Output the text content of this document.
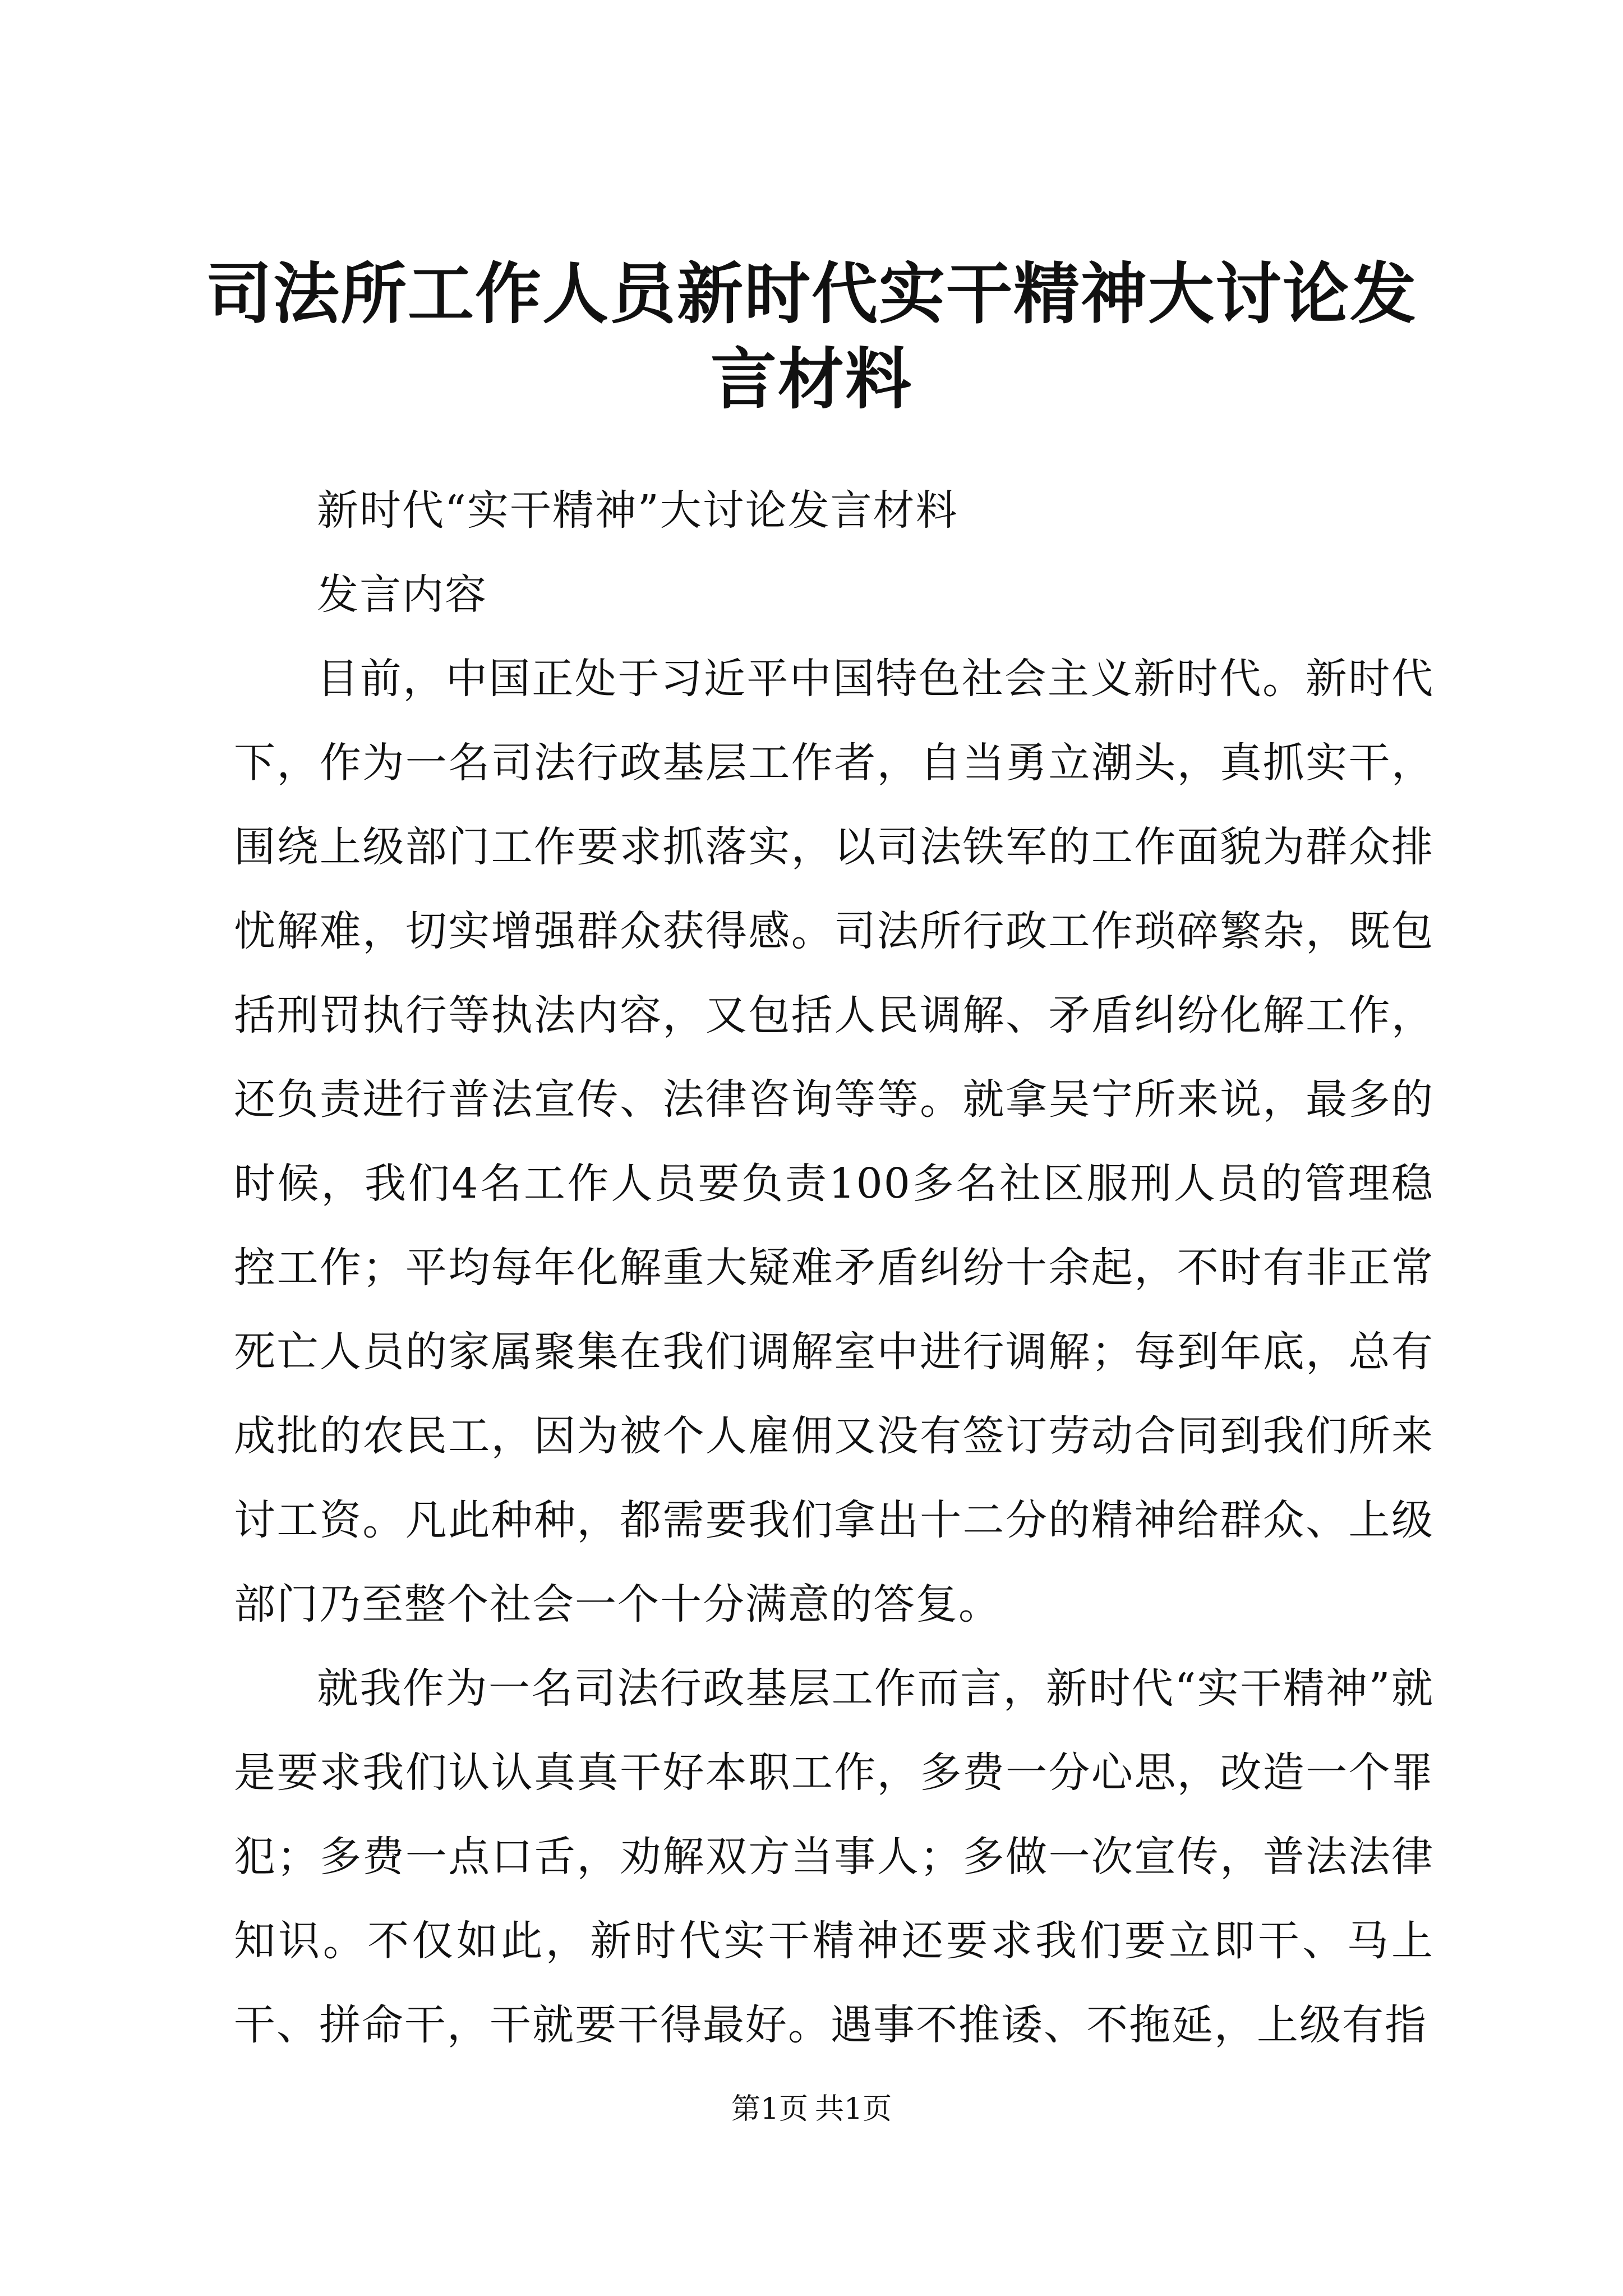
司法所工作人员新时代实干精神大讨论发言材料

新时代“实干精神”大讨论发言材料

发言内容

目前，中国正处于习近平中国特色社会主义新时代。新时代下，作为一名司法行政基层工作者，自当勇立潮头，真抓实干，围绕上级部门工作要求抓落实，以司法铁军的工作面貌为群众排忧解难，切实增强群众获得感。司法所行政工作琐碎繁杂，既包括刑罚执行等执法内容，又包括人民调解、矛盾纠纷化解工作，还负责进行普法宣传、法律咨询等等。就拿吴宁所来说，最多的时候，我们4名工作人员要负责100多名社区服刑人员的管理稳控工作；平均每年化解重大疑难矛盾纠纷十余起，不时有非正常死亡人员的家属聚集在我们调解室中进行调解；每到年底，总有成批的农民工，因为被个人雇佣又没有签订劳动合同到我们所来讨工资。凡此种种，都需要我们拿出十二分的精神给群众、上级部门乃至整个社会一个十分满意的答复。

就我作为一名司法行政基层工作而言，新时代“实干精神”就是要求我们认认真真干好本职工作，多费一分心思，改造一个罪犯；多费一点口舌，劝解双方当事人；多做一次宣传，普法法律知识。不仅如此，新时代实干精神还要求我们要立即干、马上干、拼命干，干就要干得最好。遇事不推诿、不拖延，上级有指

第1页 共1页
